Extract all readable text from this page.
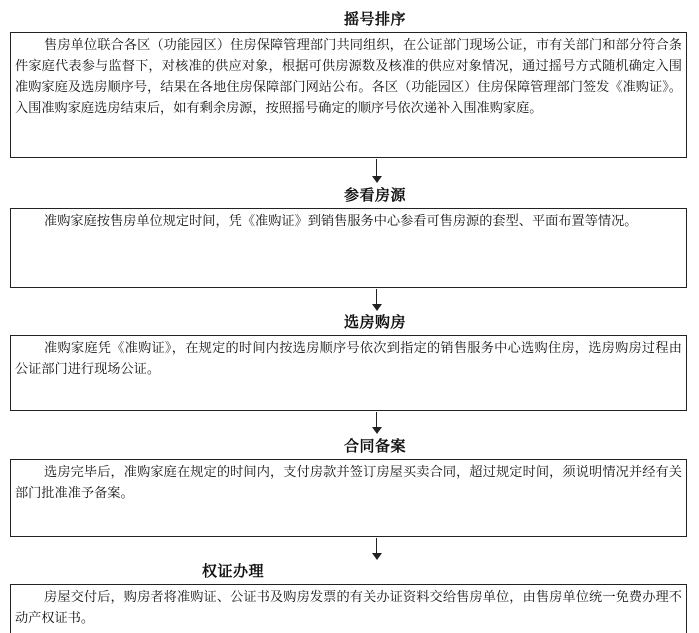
摇号排序
售房单位联合各区（功能园区）住房保障管理部门共同组织，在公证部门现场公证，市有关部门和部分符合条件家庭代表参与监督下，对核准的供应对象，根据可供房源数及核准的供应对象情况，通过摇号方式随机确定入围准购家庭及选房顺序号，结果在各地住房保障部门网站公布。各区（功能园区）住房保障管理部门签发《准购证》。入围准购家庭选房结束后，如有剩余房源，按照摇号确定的顺序号依次递补入围准购家庭。
参看房源
准购家庭按售房单位规定时间，凭《准购证》到销售服务中心参看可售房源的套型、平面布置等情况。
选房购房
准购家庭凭《准购证》，在规定的时间内按选房顺序号依次到指定的销售服务中心选购住房，选房购房过程由公证部门进行现场公证。
合同备案
选房完毕后，准购家庭在规定的时间内，支付房款并签订房屋买卖合同，超过规定时间，须说明情况并经有关部门批准准予备案。
权证办理
房屋交付后，购房者将准购证、公证书及购房发票的有关办证资料交给售房单位，由售房单位统一免费办理不动产权证书。
